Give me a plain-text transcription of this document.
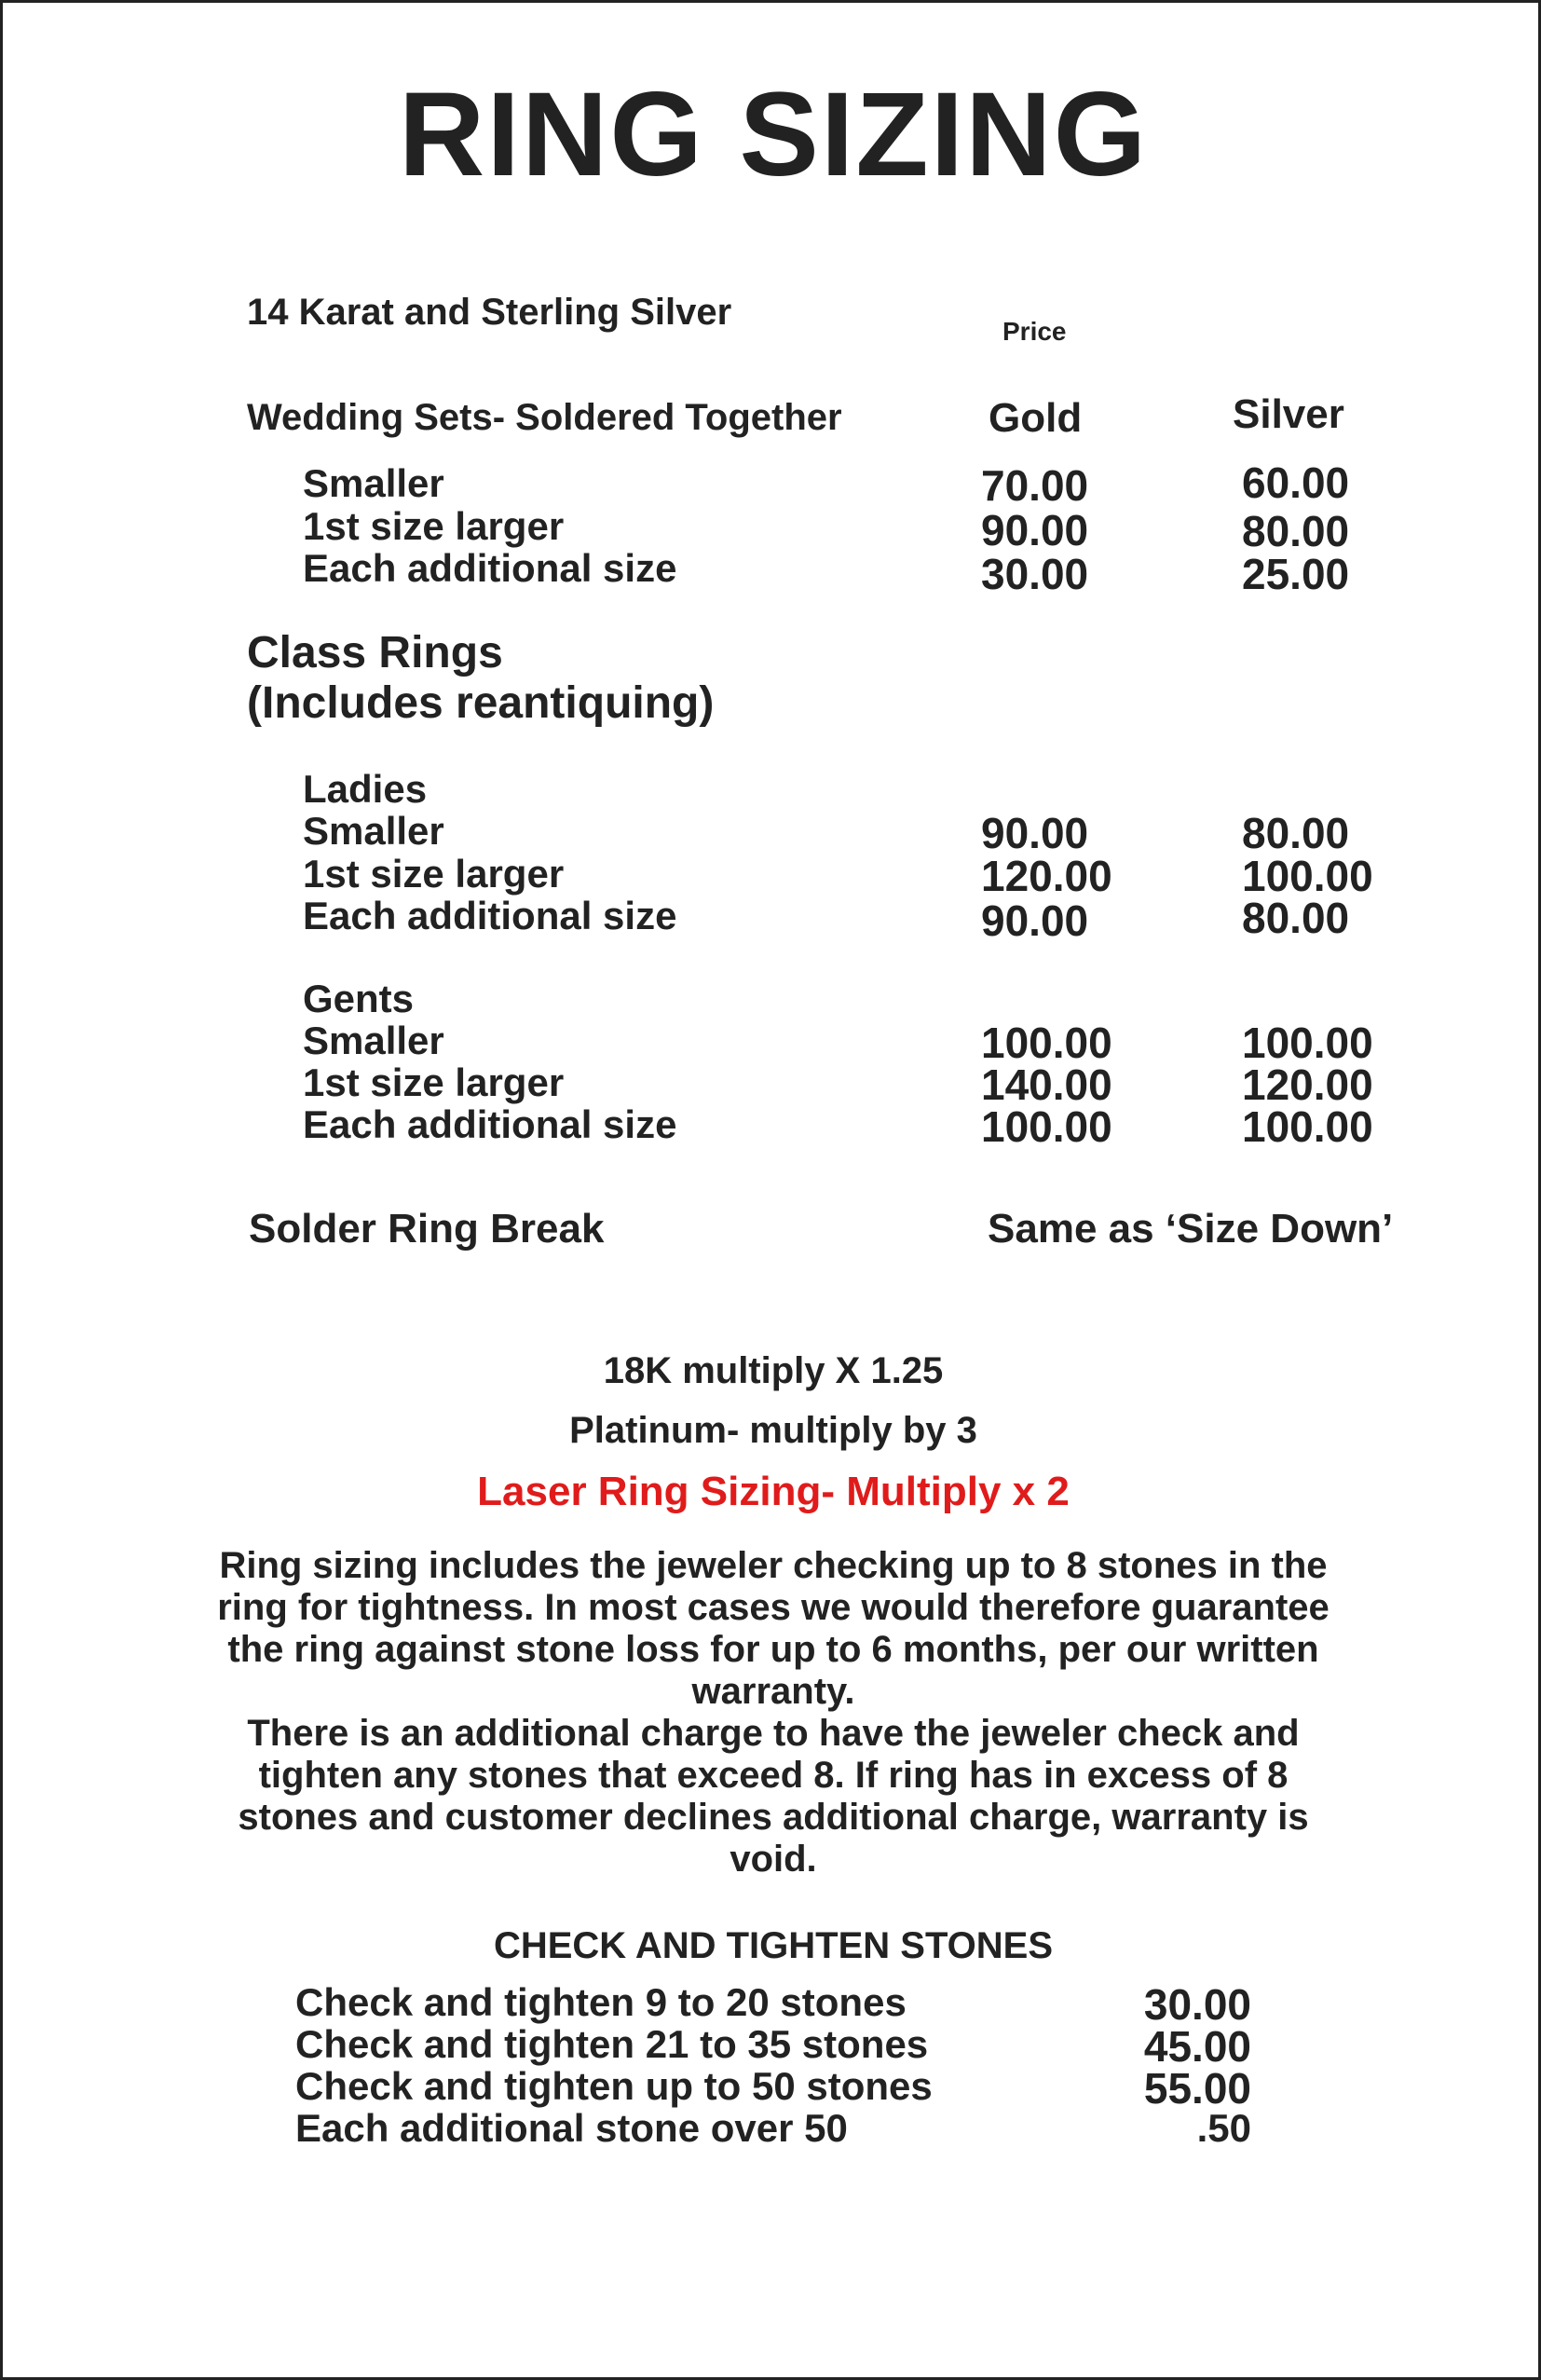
RING SIZING
14 Karat and Sterling Silver	Price
Wedding Sets- Soldered Together	Gold	Silver
Smaller	70.00	60.00
1st size larger	90.00	80.00
Each additional size	30.00	25.00
Class Rings
(Includes reantiquing)
Ladies
Smaller	90.00	80.00
1st size larger	120.00	100.00
Each additional size	90.00	80.00
Gents
Smaller	100.00	100.00
1st size larger	140.00	120.00
Each additional size	100.00	100.00
Solder Ring Break	Same as ‘Size Down’
18K multiply X 1.25
Platinum- multiply by 3
Laser Ring Sizing- Multiply x 2
Ring sizing includes the jeweler checking up to 8 stones in the
ring for tightness. In most cases we would therefore guarantee
the ring against stone loss for up to 6 months, per our written
warranty.
There is an additional charge to have the jeweler check and
tighten any stones that exceed 8. If ring has in excess of 8
stones and customer declines additional charge, warranty is
void.
CHECK AND TIGHTEN STONES
Check and tighten 9 to 20 stones	30.00
Check and tighten 21 to 35 stones	45.00
Check and tighten up to 50 stones	55.00
Each additional stone over 50	.50
